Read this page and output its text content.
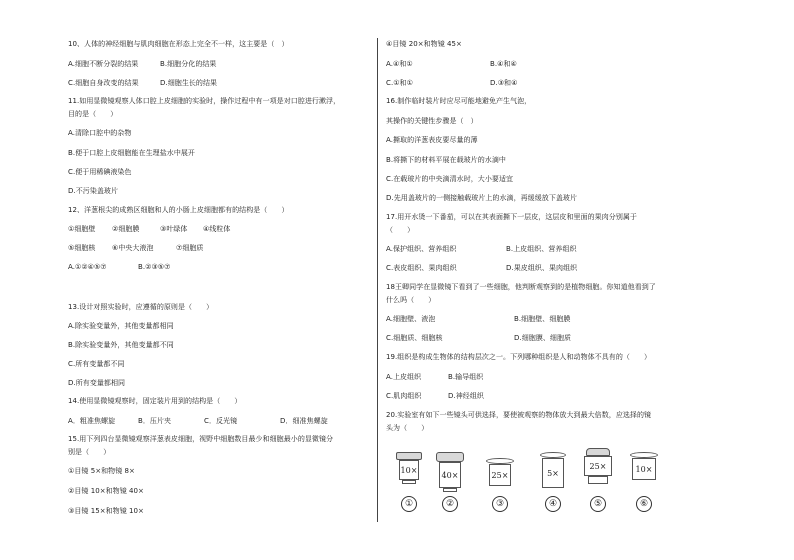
10、人体的神经细胞与肌肉细胞在形态上完全不一样，这主要是（　）
A.细胞不断分裂的结果	B.细胞分化的结果
C.细胞自身改变的结果	D.细胞生长的结果
11.如用显微镜观察人体口腔上皮细胞的实验时，操作过程中有一项是对口腔进行漱浮，
目的是（　　）
A.清除口腔中的杂物
B.便于口腔上皮细胞能在生理盐水中展开
C.便于用稀碘液染色
D.不污染盖玻片
12、洋葱根尖的成熟区细胞和人的小肠上皮细胞都有的结构是（　　）
①细胞壁 ②细胞膜	③叶绿体 ④线粒体
⑤细胞核 ⑥中央大液泡	⑦细胞质
A.①②④⑤⑦	B.②③⑤⑦
13.设计对照实验时，应遵循的原则是（　　）
A.除实验变量外，其他变量都相同
B.除实验变量外，其他变量都不同
C.所有变量都不同
D.所有变量都相同
14.使用显微镜观察时，固定装片用到的结构是（　　）
A．粗准焦螺旋	B．压片夹	C．反光镜	D．细准焦螺旋
15.用下列四台显微镜观察洋葱表皮细胞，视野中细胞数目最少和细胞最小的显微镜分
别是（　　）
①目镜 5×和物镜 8×
②目镜 10×和物镜 40×
③目镜 15×和物镜 10×
④目镜 20×和物镜 45×
A.④和①	B.④和④
C.①和①	D.③和④
16.制作临时装片时应尽可能地避免产生气泡，
其操作的关键性步骤是（　）
A.撕取的洋葱表皮要尽量的薄
B.将撕下的材料平展在载玻片的水滴中
C.在载玻片的中央滴清水时，大小要适宜
D.先用盖玻片的一侧接触载玻片上的水滴，再缓缓放下盖玻片
17.用开水烫一下番茄，可以在其表面撕下一层皮，这层皮和里面的果肉分别属于
（　　）
A.保护组织、营养组织	B.上皮组织、营养组织
C.表皮组织、果肉组织	D.果皮组织、果肉组织
18王卿同学在显微镜下看到了一些细胞，他判断观察到的是植物细胞。你知道他看到了
什么吗（　　）
A.细胞壁、液泡	B.细胞壁、细胞膜
C.细胞质、细胞核	D.细胞膜、细胞质
19.组织是构成生物体的结构层次之一。下列哪种组织是人和动物体不具有的（　　）
A.上皮组织	B.输导组织
C.肌肉组织	D.神经组织
20.实验室有如下一些镜头可供选择，要使被观察的物体放大到最大倍数，应选择的镜
头为（　　）
10×
①
40×
②
25×
③
5×
④
25×
⑤
10×
⑥
